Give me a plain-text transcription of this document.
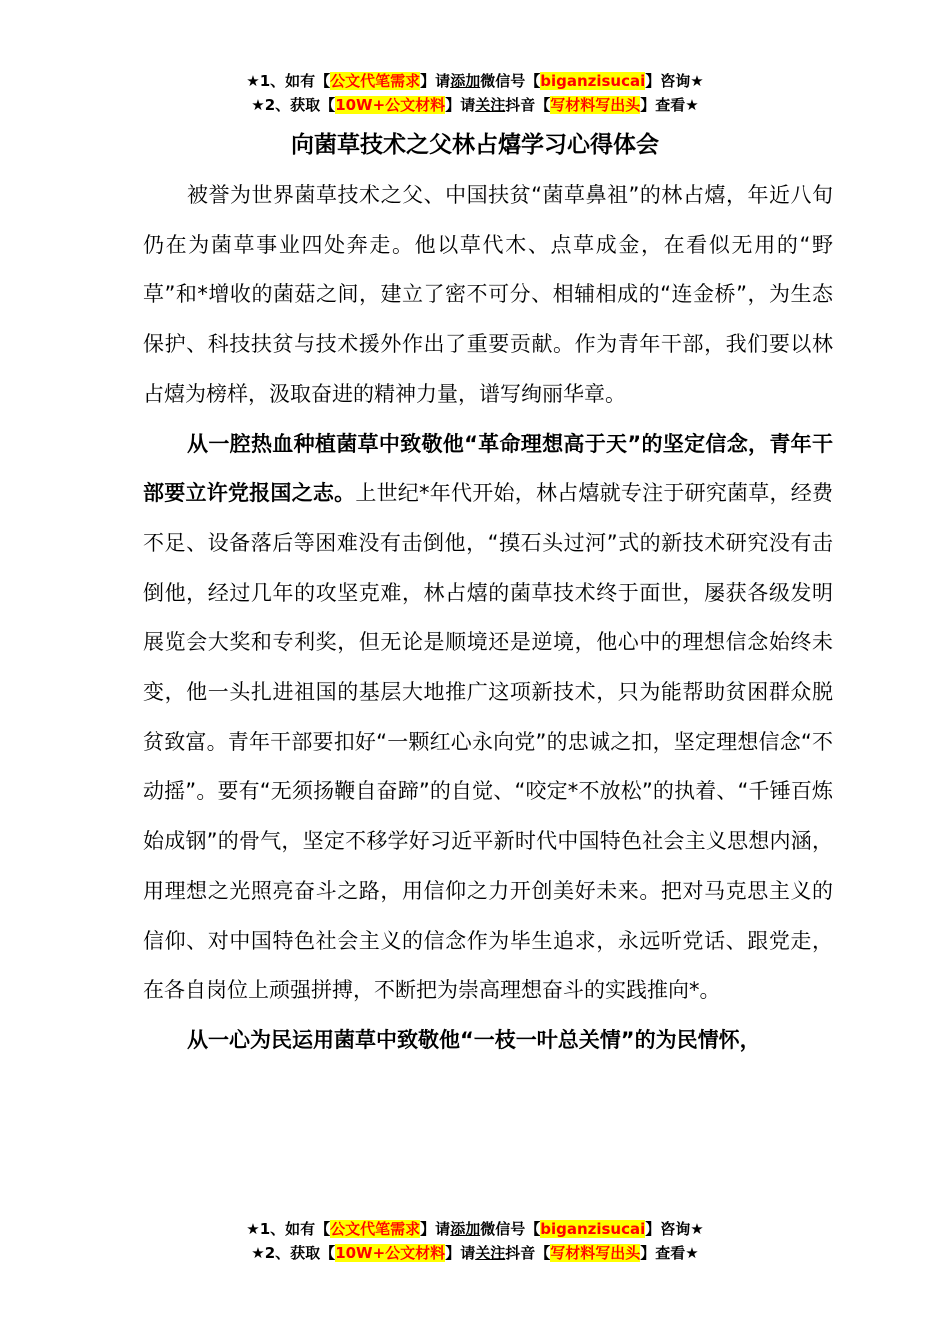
★1、如有【公文代笔需求】请添加微信号【biganzisucai】咨询★
★2、获取【10W+公文材料】请关注抖音【写材料写出头】查看★
向菌草技术之父林占熺学习心得体会

被誉为世界菌草技术之父、中国扶贫“菌草鼻祖”的林占熺，年近八旬仍在为菌草事业四处奔走。他以草代木、点草成金，在看似无用的“野草”和*增收的菌菇之间，建立了密不可分、相辅相成的“连金桥”，为生态保护、科技扶贫与技术援外作出了重要贡献。作为青年干部，我们要以林占熺为榜样，汲取奋进的精神力量，谱写绚丽华章。

从一腔热血种植菌草中致敬他“革命理想高于天”的坚定信念，青年干部要立许党报国之志。上世纪*年代开始，林占熺就专注于研究菌草，经费不足、设备落后等困难没有击倒他，“摸石头过河”式的新技术研究没有击倒他，经过几年的攻坚克难，林占熺的菌草技术终于面世，屡获各级发明展览会大奖和专利奖，但无论是顺境还是逆境，他心中的理想信念始终未变，他一头扎进祖国的基层大地推广这项新技术，只为能帮助贫困群众脱贫致富。青年干部要扣好“一颗红心永向党”的忠诚之扣，坚定理想信念“不动摇”。要有“无须扬鞭自奋蹄”的自觉、“咬定*不放松”的执着、“千锤百炼始成钢”的骨气，坚定不移学好习近平新时代中国特色社会主义思想内涵，用理想之光照亮奋斗之路，用信仰之力开创美好未来。把对马克思主义的信仰、对中国特色社会主义的信念作为毕生追求，永远听党话、跟党走，在各自岗位上顽强拼搏，不断把为崇高理想奋斗的实践推向*。

从一心为民运用菌草中致敬他“一枝一叶总关情”的为民情怀，

★1、如有【公文代笔需求】请添加微信号【biganzisucai】咨询★
★2、获取【10W+公文材料】请关注抖音【写材料写出头】查看★
